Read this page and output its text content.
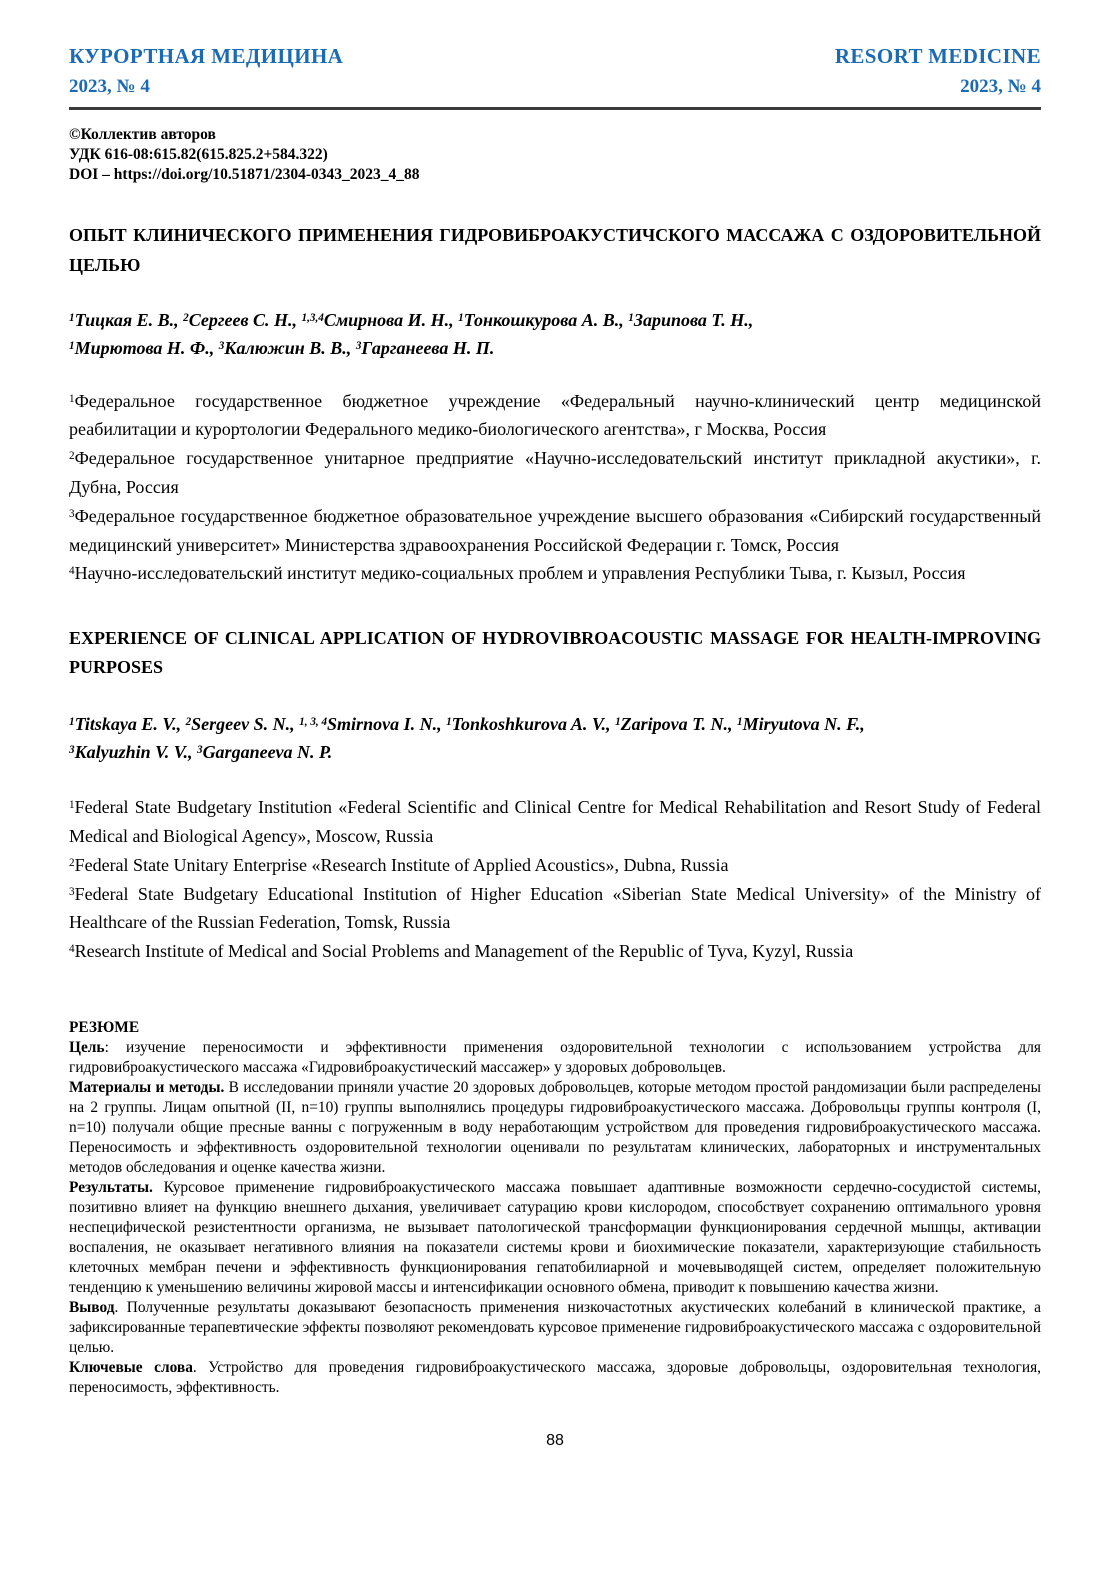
КУРОРТНАЯ МЕДИЦИНА
2023, № 4
RESORT MEDICINE
2023, № 4
©Коллектив авторов
УДК 616-08:615.82(615.825.2+584.322)
DOI – https://doi.org/10.51871/2304-0343_2023_4_88
ОПЫТ КЛИНИЧЕСКОГО ПРИМЕНЕНИЯ ГИДРОВИБРОАКУСТИЧСКОГО МАССАЖА С ОЗДОРОВИТЕЛЬНОЙ ЦЕЛЬЮ
$^1$Тицкая Е. В., $^2$Сергеев С. Н., $^{1,3,4}$Смирнова И. Н., $^1$Тонкошкурова А. В., $^1$Зарипова Т. Н.,
$^1$Мирютова Н. Ф., $^3$Калюжин В. В., $^3$Гарганеева Н. П.

$^1$Федеральное государственное бюджетное учреждение «Федеральный научно-клинический центр медицинской реабилитации и курортологии Федерального медико-биологического агентства», г Москва, Россия

$^2$Федеральное государственное унитарное предприятие «Научно-исследовательский институт прикладной акустики», г. Дубна, Россия

$^3$Федеральное государственное бюджетное образовательное учреждение высшего образования «Сибирский государственный медицинский университет» Министерства здравоохранения Российской Федерации г. Томск, Россия

$^4$Научно-исследовательский институт медико-социальных проблем и управления Республики Тыва, г. Кызыл, Россия

EXPERIENCE OF CLINICAL APPLICATION OF HYDROVIBROACOUSTIC MASSAGE FOR HEALTH-IMPROVING PURPOSES
$^1$Titskaya E. V., $^2$Sergeev S. N., $^{1, 3, 4}$Smirnova I. N., $^1$Tonkoshkurova A. V., $^1$Zaripova T. N., $^1$Miryutova N. F.,
$^3$Kalyuzhin V. V., $^3$Garganeeva N. P.

$^1$Federal State Budgetary Institution «Federal Scientific and Clinical Centre for Medical Rehabilitation and Resort Study of Federal Medical and Biological Agency», Moscow, Russia

$^2$Federal State Unitary Enterprise «Research Institute of Applied Acoustics», Dubna, Russia

$^3$Federal State Budgetary Educational Institution of Higher Education «Siberian State Medical University» of the Ministry of Healthcare of the Russian Federation, Tomsk, Russia

$^4$Research Institute of Medical and Social Problems and Management of the Republic of Tyva, Kyzyl, Russia

РЕЗЮМЕ
Цель: изучение переносимости и эффективности применения оздоровительной технологии с использованием устройства для гидровиброакустического массажа «Гидровиброакустический массажер» у здоровых добровольцев.
Материалы и методы. В исследовании приняли участие 20 здоровых добровольцев, которые методом простой рандомизации были распределены на 2 группы. Лицам опытной (II, n=10) группы выполнялись процедуры гидровиброакустического массажа. Добровольцы группы контроля (I, n=10) получали общие пресные ванны с погруженным в воду неработающим устройством для проведения гидровиброакустического массажа. Переносимость и эффективность оздоровительной технологии оценивали по результатам клинических, лабораторных и инструментальных методов обследования и оценке качества жизни.
Результаты. Курсовое применение гидровиброакустического массажа повышает адаптивные возможности сердечно-сосудистой системы, позитивно влияет на функцию внешнего дыхания, увеличивает сатурацию крови кислородом, способствует сохранению оптимального уровня неспецифической резистентности организма, не вызывает патологической трансформации функционирования сердечной мышцы, активации воспаления, не оказывает негативного влияния на показатели системы крови и биохимические показатели, характеризующие стабильность клеточных мембран печени и эффективность функционирования гепатобилиарной и мочевыводящей систем, определяет положительную тенденцию к уменьшению величины жировой массы и интенсификации основного обмена, приводит к повышению качества жизни.
Вывод. Полученные результаты доказывают безопасность применения низкочастотных акустических колебаний в клинической практике, а зафиксированные терапевтические эффекты позволяют рекомендовать курсовое применение гидровиброакустического массажа с оздоровительной целью.
Ключевые слова. Устройство для проведения гидровиброакустического массажа, здоровые добровольцы, оздоровительная технология, переносимость, эффективность.
88
